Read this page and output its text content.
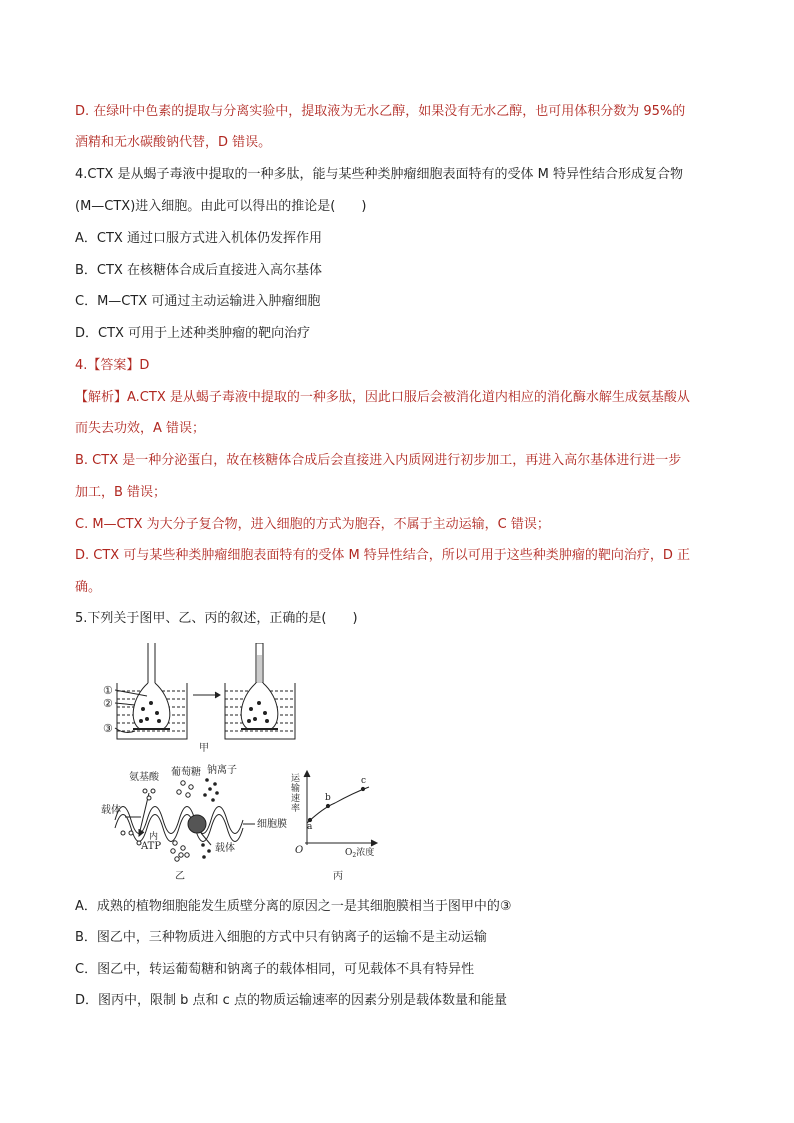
D. 在绿叶中色素的提取与分离实验中，提取液为无水乙醇，如果没有无水乙醇，也可用体积分数为 95%的
酒精和无水碳酸钠代替，D 错误。
4.CTX 是从蝎子毒液中提取的一种多肽，能与某些种类肿瘤细胞表面特有的受体 M 特异性结合形成复合物
(M—CTX)进入细胞。由此可以得出的推论是(　　)
A．CTX 通过口服方式进入机体仍发挥作用
B．CTX 在核糖体合成后直接进入高尔基体
C．M—CTX 可通过主动运输进入肿瘤细胞
D．CTX 可用于上述种类肿瘤的靶向治疗
4.【答案】D
【解析】A.CTX 是从蝎子毒液中提取的一种多肽，因此口服后会被消化道内相应的消化酶水解生成氨基酸从
而失去功效，A 错误；
B. CTX 是一种分泌蛋白，故在核糖体合成后会直接进入内质网进行初步加工，再进入高尔基体进行进一步
加工，B 错误；
C. M—CTX 为大分子复合物，进入细胞的方式为胞吞，不属于主动运输，C 错误；
D. CTX 可与某些种类肿瘤细胞表面特有的受体 M 特异性结合，所以可用于这些种类肿瘤的靶向治疗，D 正
确。
5.下列关于图甲、乙、丙的叙述，正确的是(　　)
①
②
③
甲
氨基酸 葡萄糖 钠离子
载体
细胞膜
内
ATP	载体
乙
运
输
速
率
O
a
b
c
$O_2$浓度
丙
A．成熟的植物细胞能发生质壁分离的原因之一是其细胞膜相当于图甲中的③
B．图乙中，三种物质进入细胞的方式中只有钠离子的运输不是主动运输
C．图乙中，转运葡萄糖和钠离子的载体相同，可见载体不具有特异性
D．图丙中，限制 b 点和 c 点的物质运输速率的因素分别是载体数量和能量
